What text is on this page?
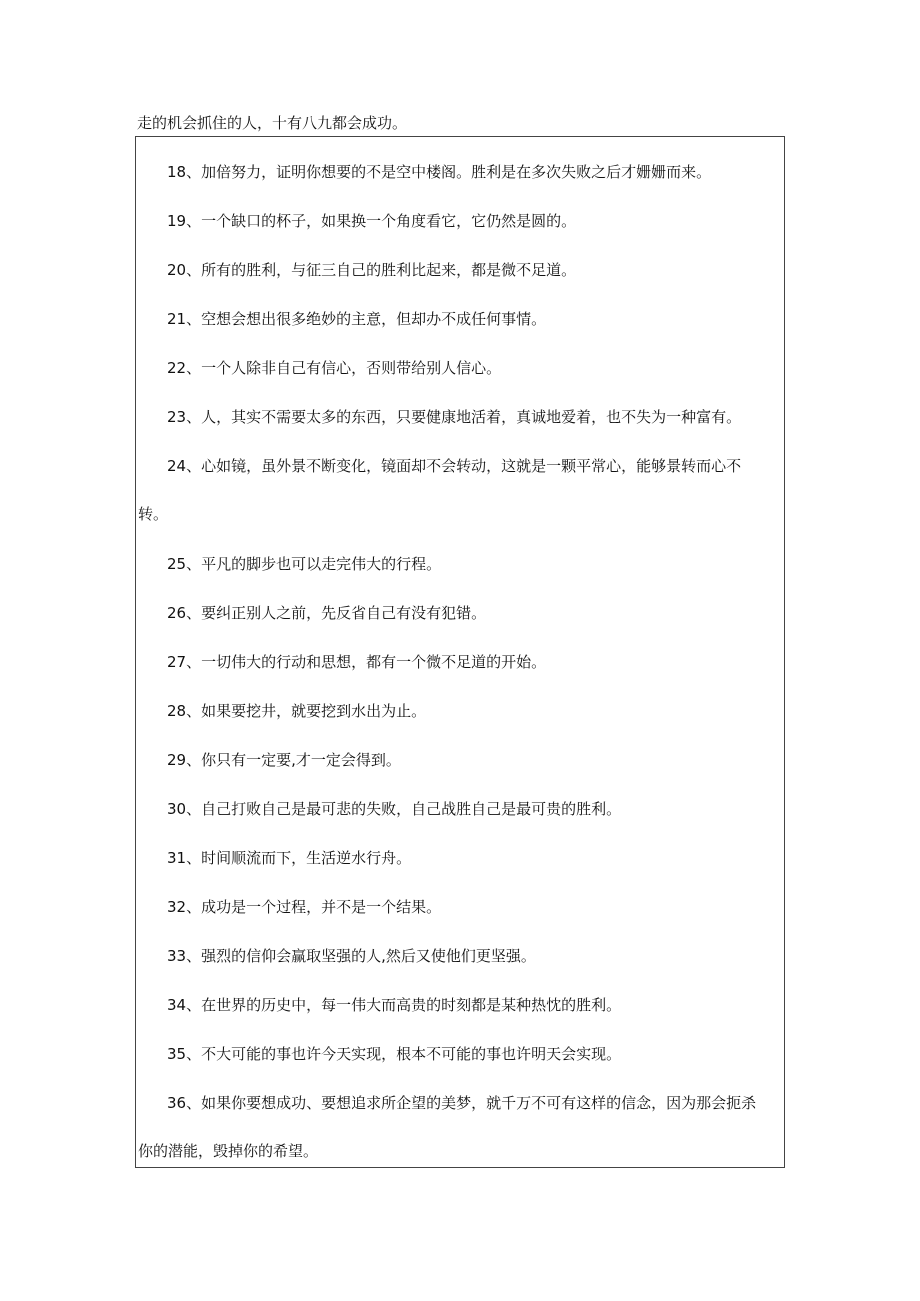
走的机会抓住的人，十有八九都会成功。
18、加倍努力，证明你想要的不是空中楼阁。胜利是在多次失败之后才姗姗而来。
19、一个缺口的杯子，如果换一个角度看它，它仍然是圆的。
20、所有的胜利，与征三自己的胜利比起来，都是微不足道。
21、空想会想出很多绝妙的主意，但却办不成任何事情。
22、一个人除非自己有信心，否则带给别人信心。
23、人，其实不需要太多的东西，只要健康地活着，真诚地爱着，也不失为一种富有。
24、心如镜，虽外景不断变化，镜面却不会转动，这就是一颗平常心，能够景转而心不
转。
25、平凡的脚步也可以走完伟大的行程。
26、要纠正别人之前，先反省自己有没有犯错。
27、一切伟大的行动和思想，都有一个微不足道的开始。
28、如果要挖井，就要挖到水出为止。
29、你只有一定要,才一定会得到。
30、自己打败自己是最可悲的失败，自己战胜自己是最可贵的胜利。
31、时间顺流而下，生活逆水行舟。
32、成功是一个过程，并不是一个结果。
33、强烈的信仰会赢取坚强的人,然后又使他们更坚强。
34、在世界的历史中，每一伟大而高贵的时刻都是某种热忱的胜利。
35、不大可能的事也许今天实现，根本不可能的事也许明天会实现。
36、如果你要想成功、要想追求所企望的美梦，就千万不可有这样的信念，因为那会扼杀
你的潜能，毁掉你的希望。
